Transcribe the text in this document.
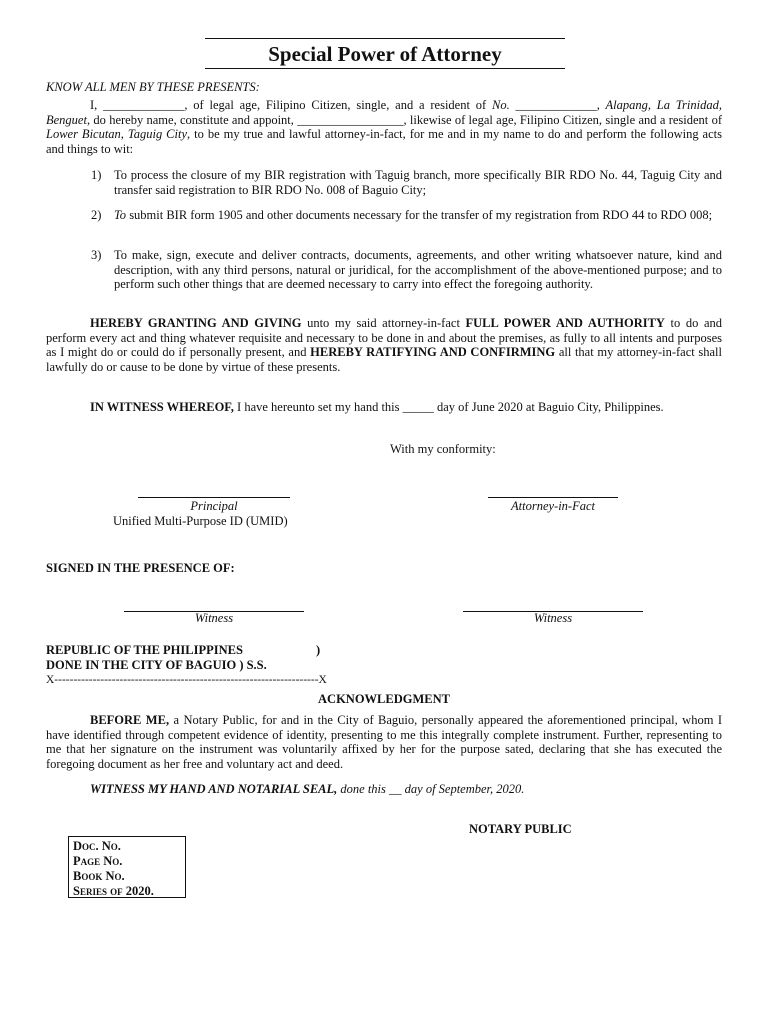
Special Power of Attorney
KNOW ALL MEN BY THESE PRESENTS:
I, _____________, of legal age, Filipino Citizen, single, and a resident of No. _____________, Alapang, La Trinidad, Benguet, do hereby name, constitute and appoint, _________________, likewise of legal age, Filipino Citizen, single and a resident of Lower Bicutan, Taguig City, to be my true and lawful attorney-in-fact, for me and in my name to do and perform the following acts and things to wit:
1)	To process the closure of my BIR registration with Taguig branch, more specifically BIR RDO No. 44, Taguig City and transfer said registration to BIR RDO No. 008 of Baguio City;
2)	To submit BIR form 1905 and other documents necessary for the transfer of my registration from RDO 44 to RDO 008;
3)	To make, sign, execute and deliver contracts, documents, agreements, and other writing whatsoever nature, kind and description, with any third persons, natural or juridical, for the accomplishment of the above-mentioned purpose; and to perform such other things that are deemed necessary to carry into effect the foregoing authority.
HEREBY GRANTING AND GIVING unto my said attorney-in-fact FULL POWER AND AUTHORITY to do and perform every act and thing whatever requisite and necessary to be done in and about the premises, as fully to all intents and purposes as I might do or could do if personally present, and HEREBY RATIFYING AND CONFIRMING all that my attorney-in-fact shall lawfully do or cause to be done by virtue of these presents.
IN WITNESS WHEREOF, I have hereunto set my hand this _____ day of June 2020 at Baguio City, Philippines.
With my conformity:
Principal
Unified Multi-Purpose ID (UMID)
Attorney-in-Fact
SIGNED IN THE PRESENCE OF:
Witness	Witness
REPUBLIC OF THE PHILIPPINES	)
DONE IN THE CITY OF BAGUIO ) S.S.
X---------------------------------------------------------------------X
ACKNOWLEDGMENT
BEFORE ME, a Notary Public, for and in the City of Baguio, personally appeared the aforementioned principal, whom I have identified through competent evidence of identity, presenting to me this integrally complete instrument. Further, representing to me that her signature on the instrument was voluntarily affixed by her for the purpose sated, declaring that she has executed the foregoing document as her free and voluntary act and deed.
WITNESS MY HAND AND NOTARIAL SEAL, done this __ day of September, 2020.
NOTARY PUBLIC
Doc. No.
Page No.
Book No.
Series of 2020.
